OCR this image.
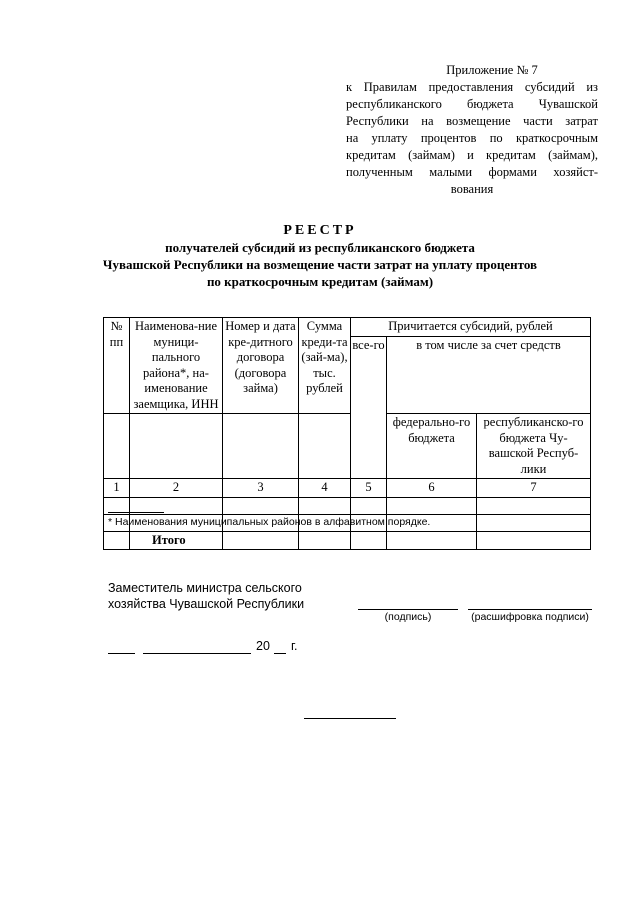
Приложение № 7
к Правилам предоставления субсидий из
республиканского бюджета Чувашской
Республики на возмещение части затрат
на уплату процентов по краткосрочным
кредитам (займам) и кредитам (займам),
полученным малыми формами хозяйст-
вования
РЕЕСТР
получателей субсидий из республиканского бюджета
Чувашской Республики на возмещение части затрат на уплату процентов
по краткосрочным кредитам (займам)
№ пп	Наименова-ние муници-пального района*, на-именование заемщика, ИНН	Номер и дата кре-дитного договора (договора займа)	Сумма креди-та (зай-ма), тыс. рублей	Причитается субсидий, рублей		
				все-го	в том числе за счет средств	
					федерально-го бюджета	республиканско-го бюджета Чу-вашской Респуб-лики
1	2	3	4	5	6	7

	Итого					
* Наименования муниципальных районов в алфавитном порядке.
Заместитель министра сельского
хозяйства Чувашской Республики
(подпись)	(расшифровка подписи)
20 г.
